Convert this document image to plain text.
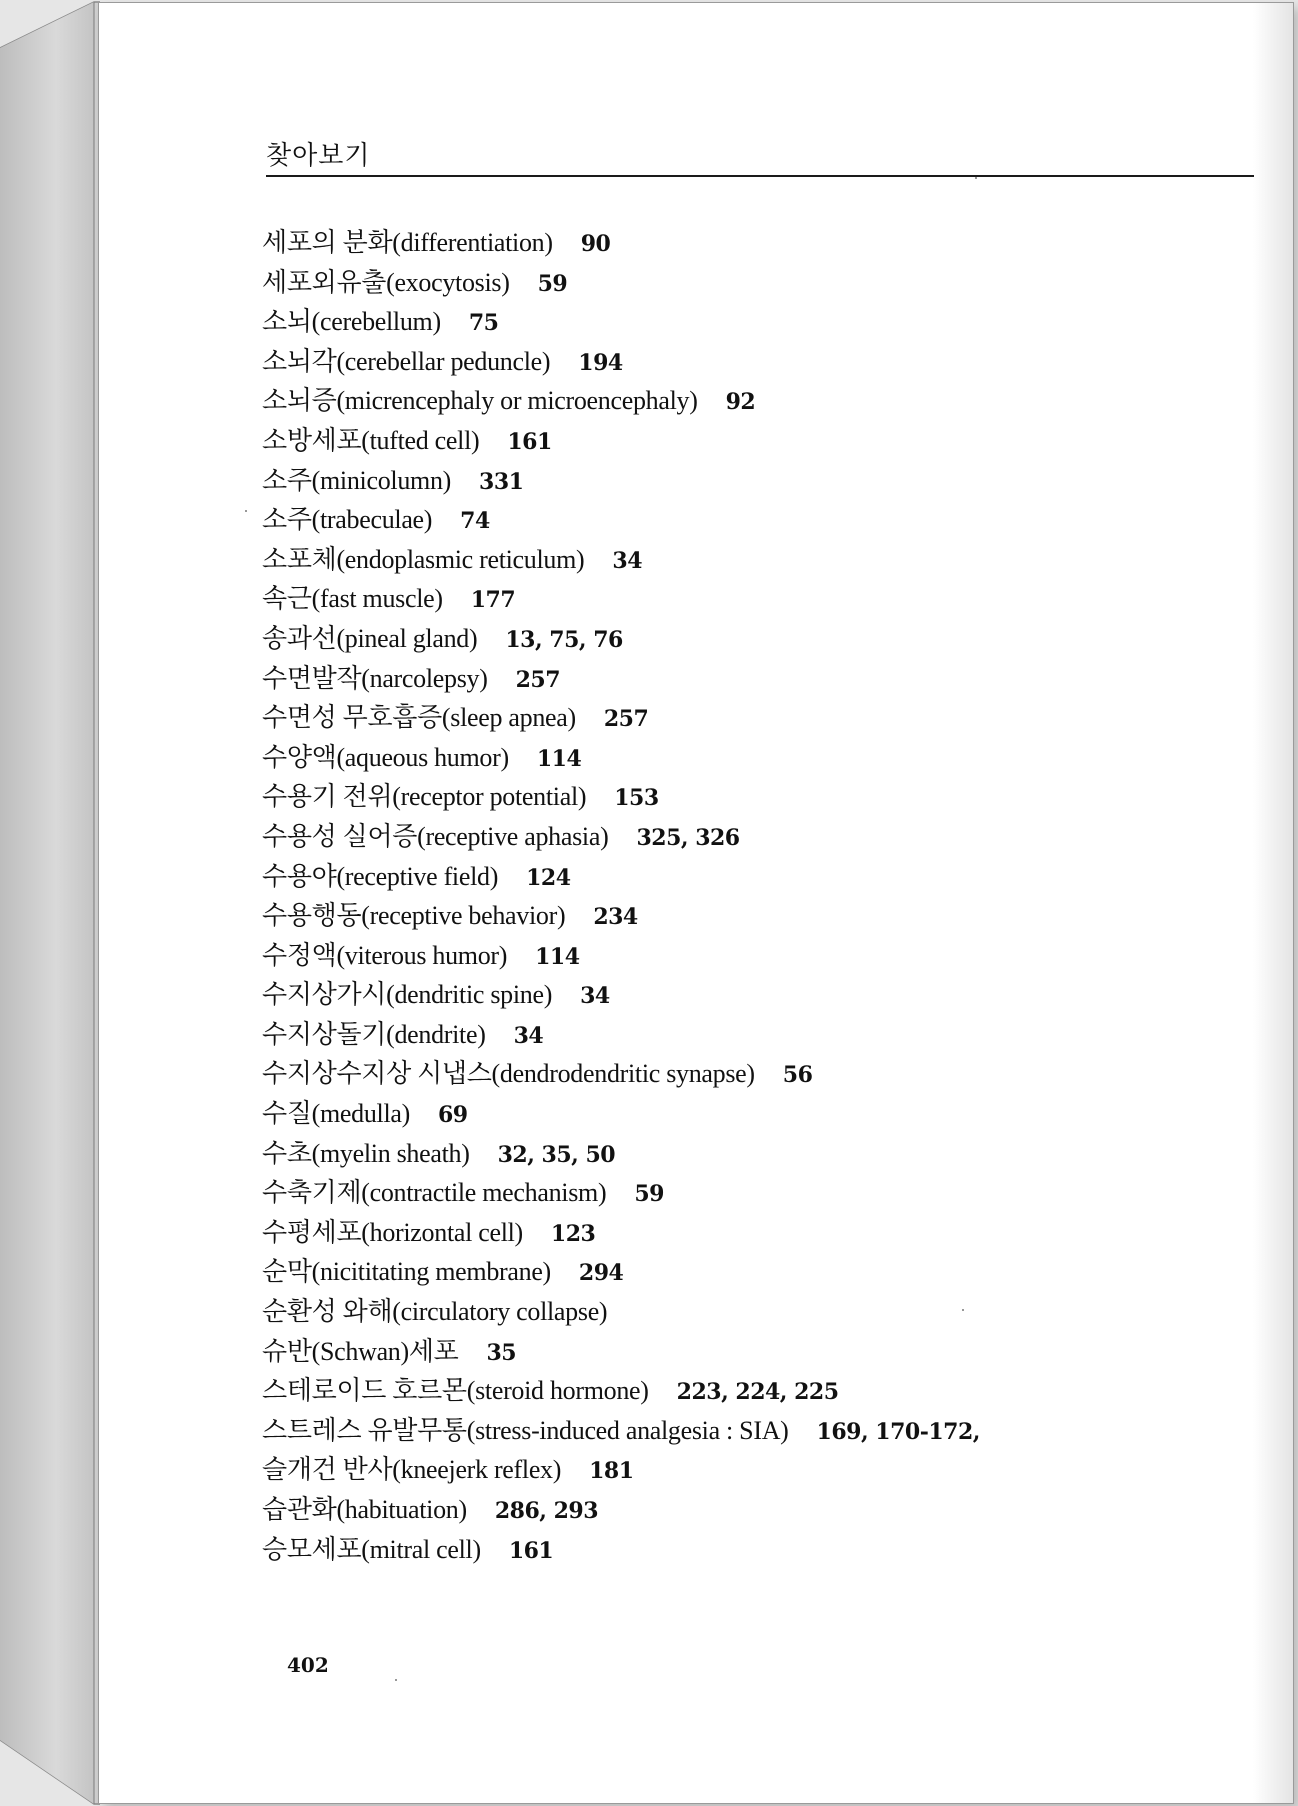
찾아보기
세포의 분화(differentiation) 90
세포외유출(exocytosis) 59
소뇌(cerebellum) 75
소뇌각(cerebellar peduncle) 194
소뇌증(micrencephaly or microencephaly) 92
소방세포(tufted cell) 161
소주(minicolumn) 331
소주(trabeculae) 74
소포체(endoplasmic reticulum) 34
속근(fast muscle) 177
송과선(pineal gland) 13, 75, 76
수면발작(narcolepsy) 257
수면성 무호흡증(sleep apnea) 257
수양액(aqueous humor) 114
수용기 전위(receptor potential) 153
수용성 실어증(receptive aphasia) 325, 326
수용야(receptive field) 124
수용행동(receptive behavior) 234
수정액(viterous humor) 114
수지상가시(dendritic spine) 34
수지상돌기(dendrite) 34
수지상수지상 시냅스(dendrodendritic synapse) 56
수질(medulla) 69
수초(myelin sheath) 32, 35, 50
수축기제(contractile mechanism) 59
수평세포(horizontal cell) 123
순막(nicititating membrane) 294
순환성 와해(circulatory collapse)
슈반(Schwan)세포 35
스테로이드 호르몬(steroid hormone) 223, 224, 225
스트레스 유발무통(stress-induced analgesia : SIA) 169, 170-172,
슬개건 반사(kneejerk reflex) 181
습관화(habituation) 286, 293
승모세포(mitral cell) 161
402
